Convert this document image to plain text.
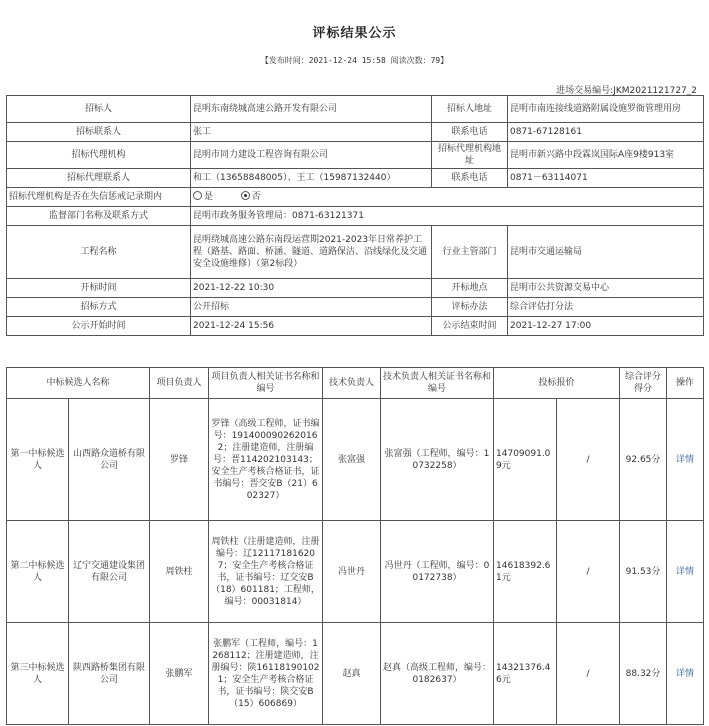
评标结果公示
【发布时间：2021-12-24 15:58 阅读次数：79】
进场交易编号:JKM2021121727_2
招标人	昆明东南绕城高速公路开发有限公司	招标人地址	昆明市南连接线道路附属设施罗衙管理用房
招标联系人	张工	联系电话	0871-67128161
招标代理机构	昆明市同力建设工程咨询有限公司	招标代理机构地址	昆明市新兴路中段霖岚国际A座9楼913室
招标代理联系人	和工（13658848005）、王工（15987132440）	联系电话	0871－63114071
招标代理机构是否在失信惩戒记录期内	是 否		
监督部门名称及联系方式	昆明市政务服务管理局：0871-63121371		
工程名称	昆明绕城高速公路东南段运营期2021-2023年日常养护工程（路基、路面、桥涵、隧道、道路保洁、沿线绿化及交通安全设施维修）（第2标段）	行业主管部门	昆明市交通运输局
开标时间	2021-12-22 10:30	开标地点	昆明市公共资源交易中心
招标方式	公开招标	评标办法	综合评估打分法
公示开始时间	2021-12-24 15:56	公示结束时间	2021-12-27 17:00
中标候选人名称		项目负责人	项目负责人相关证书名称和编号	技术负责人	技术负责人相关证书名称和编号	投标报价		综合评分得分	操作
第一中标候选人	山西路众道桥有限公司	罗锋	罗锋（高级工程师，证书编号：1914000902620162；注册建造师，注册编号：晋114202103143；安全生产考核合格证书，证书编号：晋交安B（21）602327）	张富强	张富强（工程师，编号：10732258）	14709091.09元	/	92.65分	详情
第二中标候选人	辽宁交通建设集团有限公司	周铁柱	周铁柱（注册建造师，注册编号：辽121171816207；安全生产考核合格证书，证书编号：辽交安B（18）601181；工程师，编号：00031814）	冯世丹	冯世丹（工程师，编号：00172738）	14618392.61元	/	91.53分	详情
第三中标候选人	陕西路桥集团有限公司	张鹏军	张鹏军（工程师，编号：1268112；注册建造师，注册编号：陕161181901021；安全生产考核合格证书，证书编号：陕交安B（15）606869）	赵真	赵真（高级工程师，编号：0182637）	14321376.46元	/	88.32分	详情
